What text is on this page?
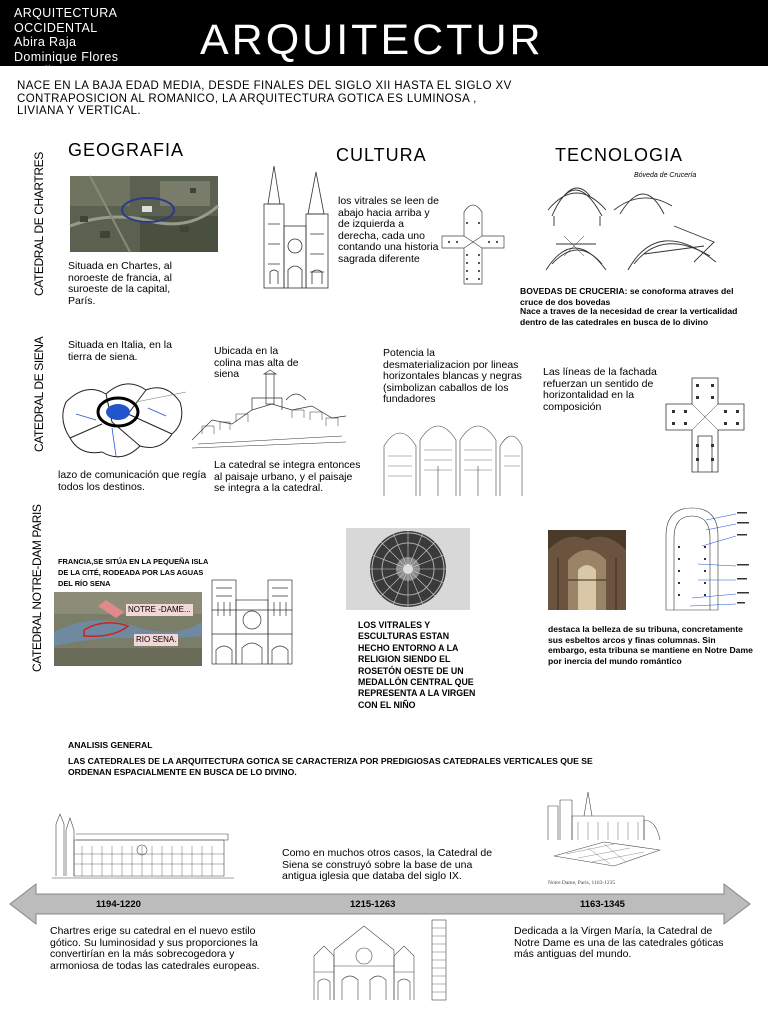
ARQUITECTURA
OCCIDENTAL
Abira Raja
Dominique Flores
Angeline Reyes
ARQUITECTUR
NACE EN LA BAJA EDAD MEDIA, DESDE FINALES DEL SIGLO XII HASTA EL SIGLO XV CONTRAPOSICION AL ROMANICO, LA ARQUITECTURA GOTICA ES LUMINOSA , LIVIANA Y VERTICAL.
GEOGRAFIA	CULTURA	TECNOLOGIA
CATEDRAL DE CHARTRES
CATEDRAL DE SIENA
CATEDRAL NOTRE-DAM PARIS
Situada en Chartes, al noroeste de francia, al suroeste de la capital, París.
los vitrales se leen de abajo hacia arriba y de izquierda a derecha, cada uno contando una historia sagrada diferente
Bóveda de Crucería
BOVEDAS DE CRUCERIA: se conoforma atraves del cruce de dos bovedas
Nace a traves de la necesidad de crear la verticalidad dentro de las catedrales en busca de lo divino
Situada en Italia, en la tierra de siena.
lazo de comunicación que regía todos los destinos.
Ubicada en la colina mas alta de siena
La catedral se integra entonces al paisaje urbano, y el paisaje se integra a la catedral.
Potencia la desmaterializacion por lineas horizontales blancas y negras (simbolizan caballos de los fundadores
Las líneas de la fachada refuerzan un sentido de horizontalidad en la composición
FRANCIA,SE SITÚA EN LA PEQUEÑA ISLA DE LA CITÉ, RODEADA POR LAS AGUAS DEL RÍO SENA
NOTRE -DAME...
RIO SENA.
LOS VITRALES Y ESCULTURAS ESTAN HECHO ENTORNO A LA RELIGION SIENDO EL ROSETÓN OESTE DE UN MEDALLÓN CENTRAL QUE REPRESENTA A LA VIRGEN CON EL NIÑO
destaca la belleza de su tribuna, concretamente sus esbeltos arcos y finas columnas. Sin embargo, esta tribuna se mantiene en Notre Dame por inercia del mundo romántico
ANALISIS GENERAL
LAS CATEDRALES DE LA ARQUITECTURA GOTICA SE CARACTERIZA POR PREDIGIOSAS CATEDRALES VERTICALES QUE SE ORDENAN ESPACIALMENTE EN BUSCA DE LO DIVINO.
Como en muchos otros casos, la Catedral de Siena se construyó sobre la base de una antigua iglesia que databa del siglo IX.
Notre Dame, Paris, 1163-1235
1194-1220	1215-1263	1163-1345
Chartres erige su catedral en el nuevo estilo gótico. Su luminosidad y sus proporciones la convertirían en la más sobrecogedora y armoniosa de todas las catedrales europeas.
Dedicada a la Virgen María, la Catedral de Notre Dame es una de las catedrales góticas más antiguas del mundo.
